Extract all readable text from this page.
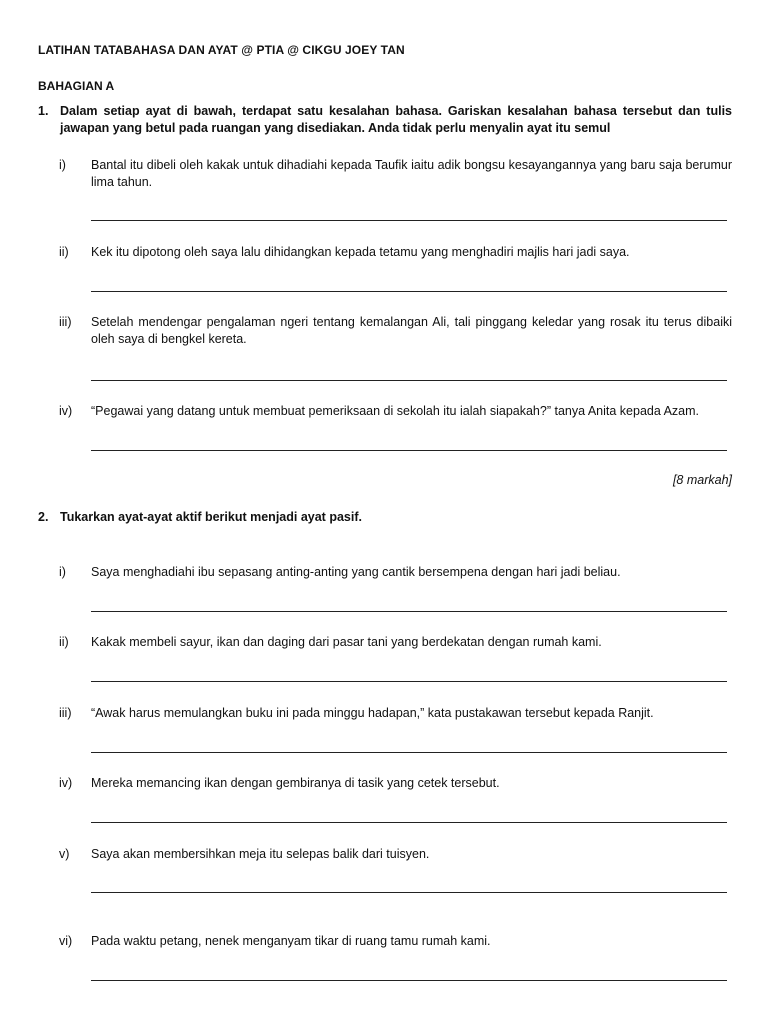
LATIHAN TATABAHASA DAN AYAT @ PTIA @ CIKGU JOEY TAN
BAHAGIAN A
1. Dalam setiap ayat di bawah, terdapat satu kesalahan bahasa. Gariskan kesalahan bahasa tersebut dan tulis jawapan yang betul pada ruangan yang disediakan. Anda tidak perlu menyalin ayat itu semul
i) Bantal itu dibeli oleh kakak untuk dihadiahi kepada Taufik iaitu adik bongsu kesayangannya yang baru saja berumur lima tahun.
ii) Kek itu dipotong oleh saya lalu dihidangkan kepada tetamu yang menghadiri majlis hari jadi saya.
iii) Setelah mendengar pengalaman ngeri tentang kemalangan Ali, tali pinggang keledar yang rosak itu terus dibaiki oleh saya di bengkel kereta.
iv) “Pegawai yang datang untuk membuat pemeriksaan di sekolah itu ialah siapakah?” tanya Anita kepada Azam.
[8 markah]
2. Tukarkan ayat-ayat aktif berikut menjadi ayat pasif.
i) Saya menghadiahi ibu sepasang anting-anting yang cantik bersempena dengan hari jadi beliau.
ii) Kakak membeli sayur, ikan dan daging dari pasar tani yang berdekatan dengan rumah kami.
iii) “Awak harus memulangkan buku ini pada minggu hadapan,” kata pustakawan tersebut kepada Ranjit.
iv) Mereka memancing ikan dengan gembiranya di tasik yang cetek tersebut.
v) Saya akan membersihkan meja itu selepas balik dari tuisyen.
vi) Pada waktu petang, nenek menganyam tikar di ruang tamu rumah kami.
